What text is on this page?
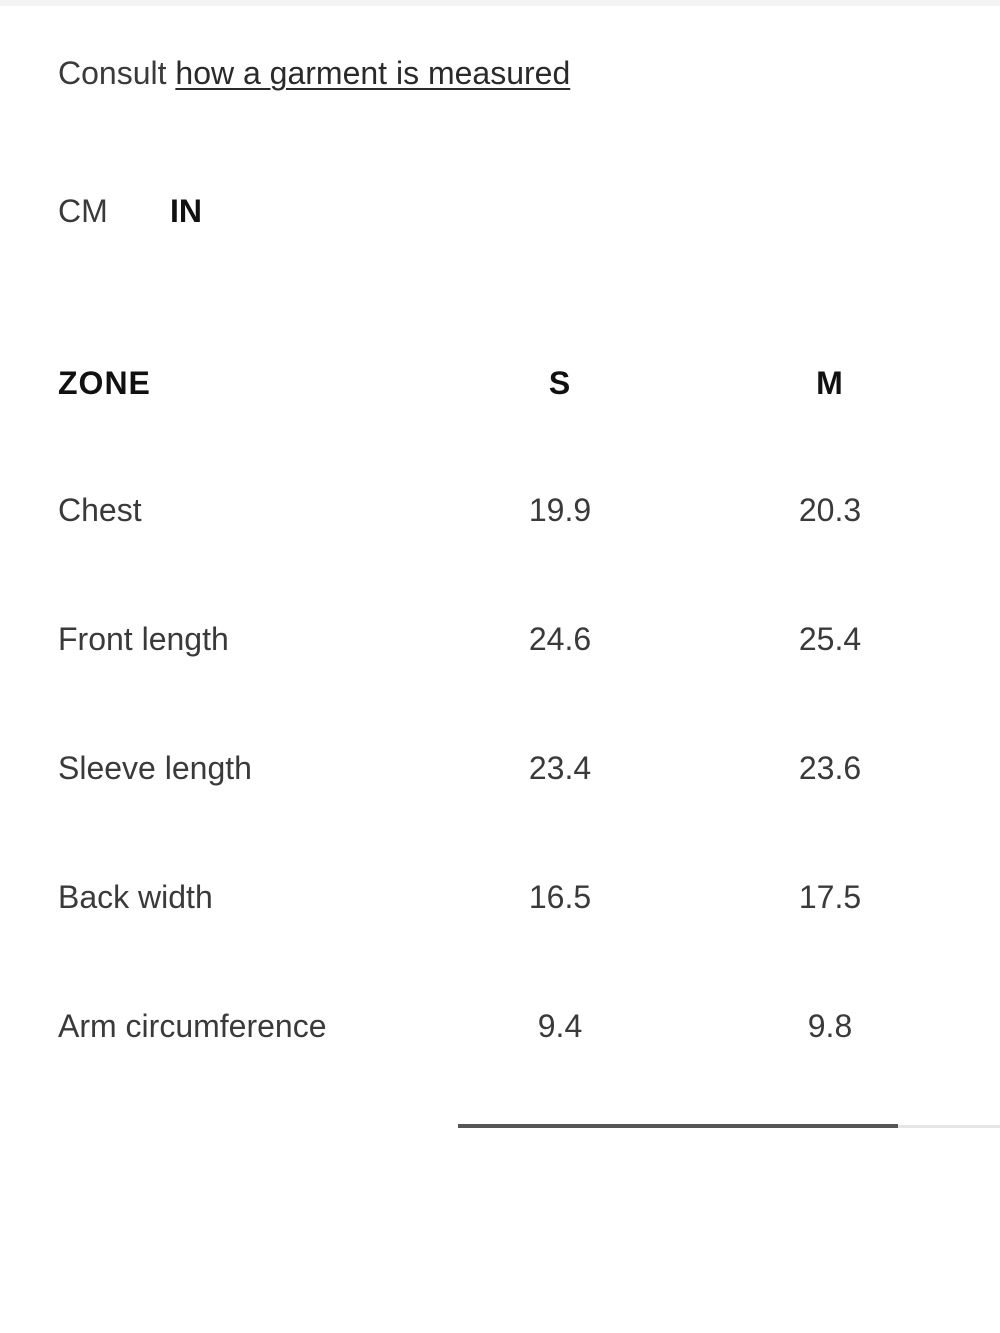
Consult how a garment is measured
CM	IN
ZONE	S	M
Chest	19.9	20.3
Front length	24.6	25.4
Sleeve length	23.4	23.6
Back width	16.5	17.5
Arm circumference	9.4	9.8
